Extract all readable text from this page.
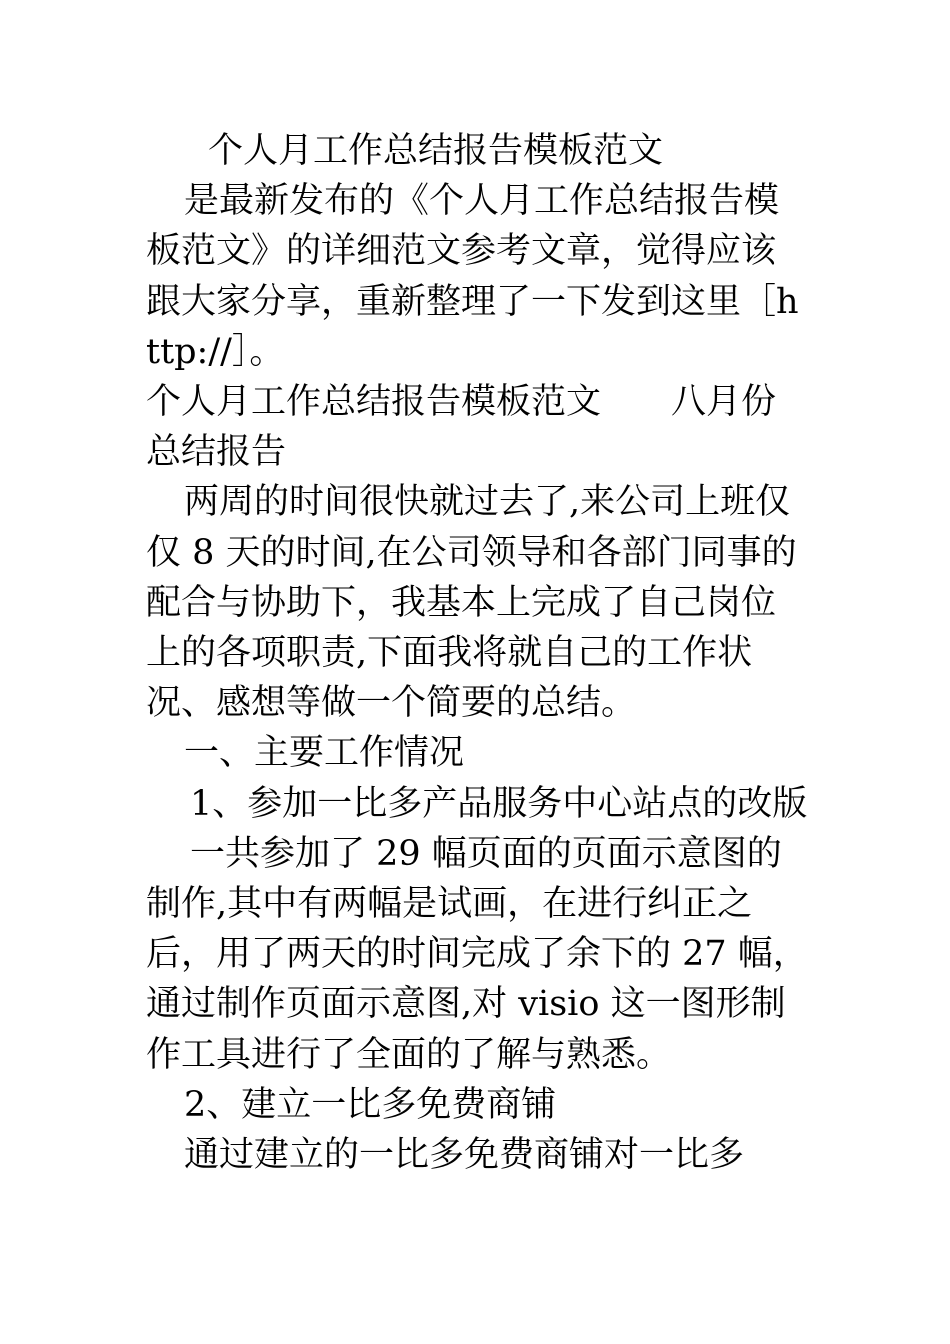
个人月工作总结报告模板范文

是最新发布的《个人月工作总结报告模板范文》的详细范文参考文章，觉得应该跟大家分享，重新整理了一下发到这里［http://］。

个人月工作总结报告模板范文　　八月份总结报告

两周的时间很快就过去了,来公司上班仅仅 8 天的时间,在公司领导和各部门同事的配合与协助下，我基本上完成了自己岗位上的各项职责,下面我将就自己的工作状况、感想等做一个简要的总结。

一、主要工作情况

1、参加一比多产品服务中心站点的改版

一共参加了 29 幅页面的页面示意图的制作,其中有两幅是试画，在进行纠正之后，用了两天的时间完成了余下的 27 幅，通过制作页面示意图,对 visio 这一图形制作工具进行了全面的了解与熟悉。

2、建立一比多免费商铺

通过建立的一比多免费商铺对一比多
